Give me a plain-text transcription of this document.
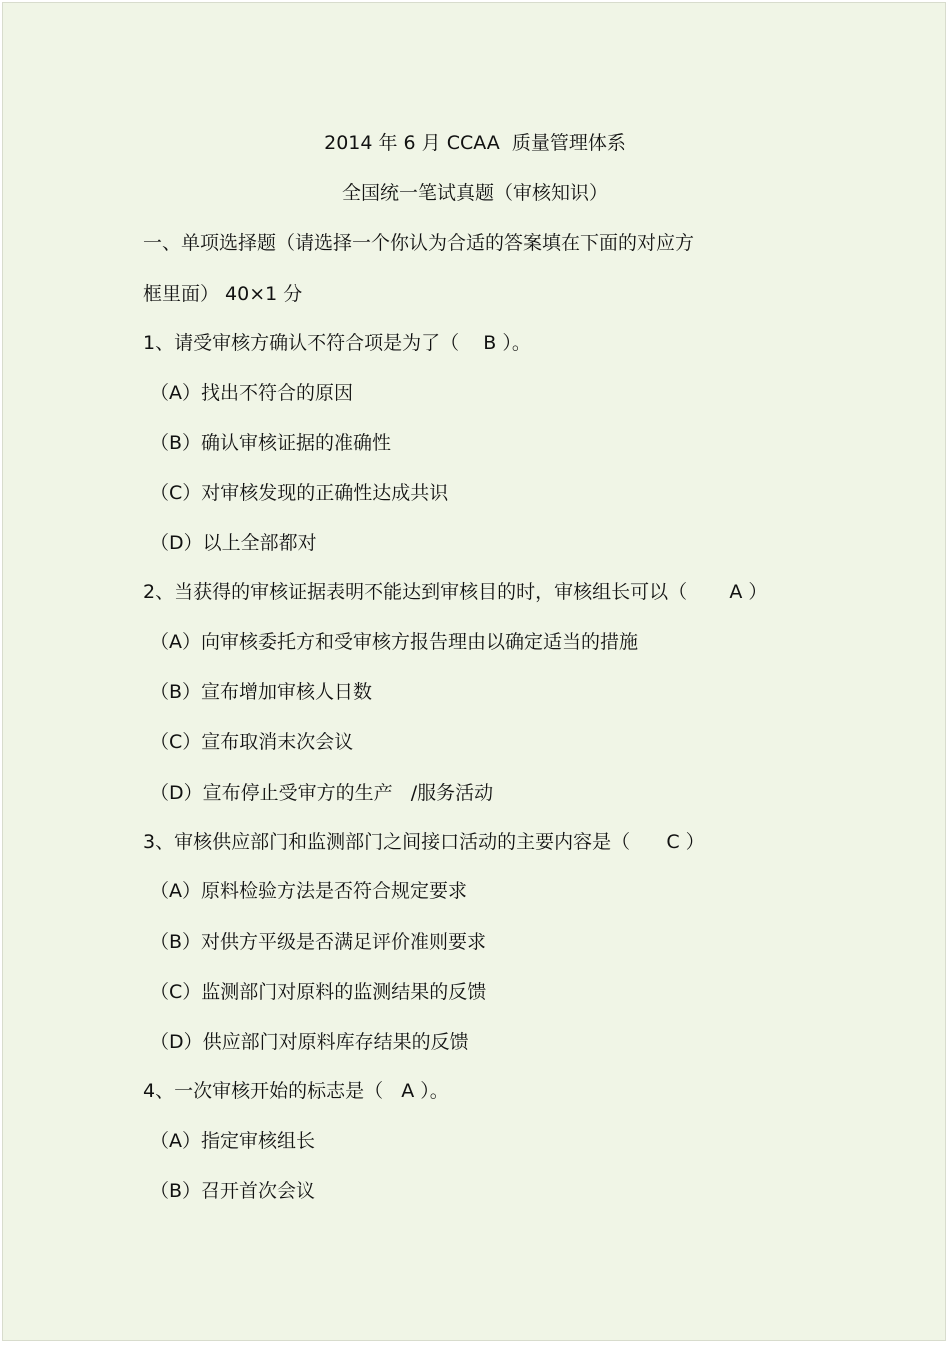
2014 年 6 月 CCAA  质量管理体系
全国统一笔试真题（审核知识）
一、单项选择题（请选择一个你认为合适的答案填在下面的对应方
框里面） 40×1 分
1、请受审核方确认不符合项是为了（    B ）。
（A）找出不符合的原因
（B）确认审核证据的准确性
（C）对审核发现的正确性达成共识
（D）以上全部都对
2、当获得的审核证据表明不能达到审核目的时，审核组长可以（       A ）
（A）向审核委托方和受审核方报告理由以确定适当的措施
（B）宣布增加审核人日数
（C）宣布取消末次会议
（D）宣布停止受审方的生产   /服务活动
3、审核供应部门和监测部门之间接口活动的主要内容是（      C ）
（A）原料检验方法是否符合规定要求
（B）对供方平级是否满足评价准则要求
（C）监测部门对原料的监测结果的反馈
（D）供应部门对原料库存结果的反馈
4、一次审核开始的标志是（   A ）。
（A）指定审核组长
（B）召开首次会议
